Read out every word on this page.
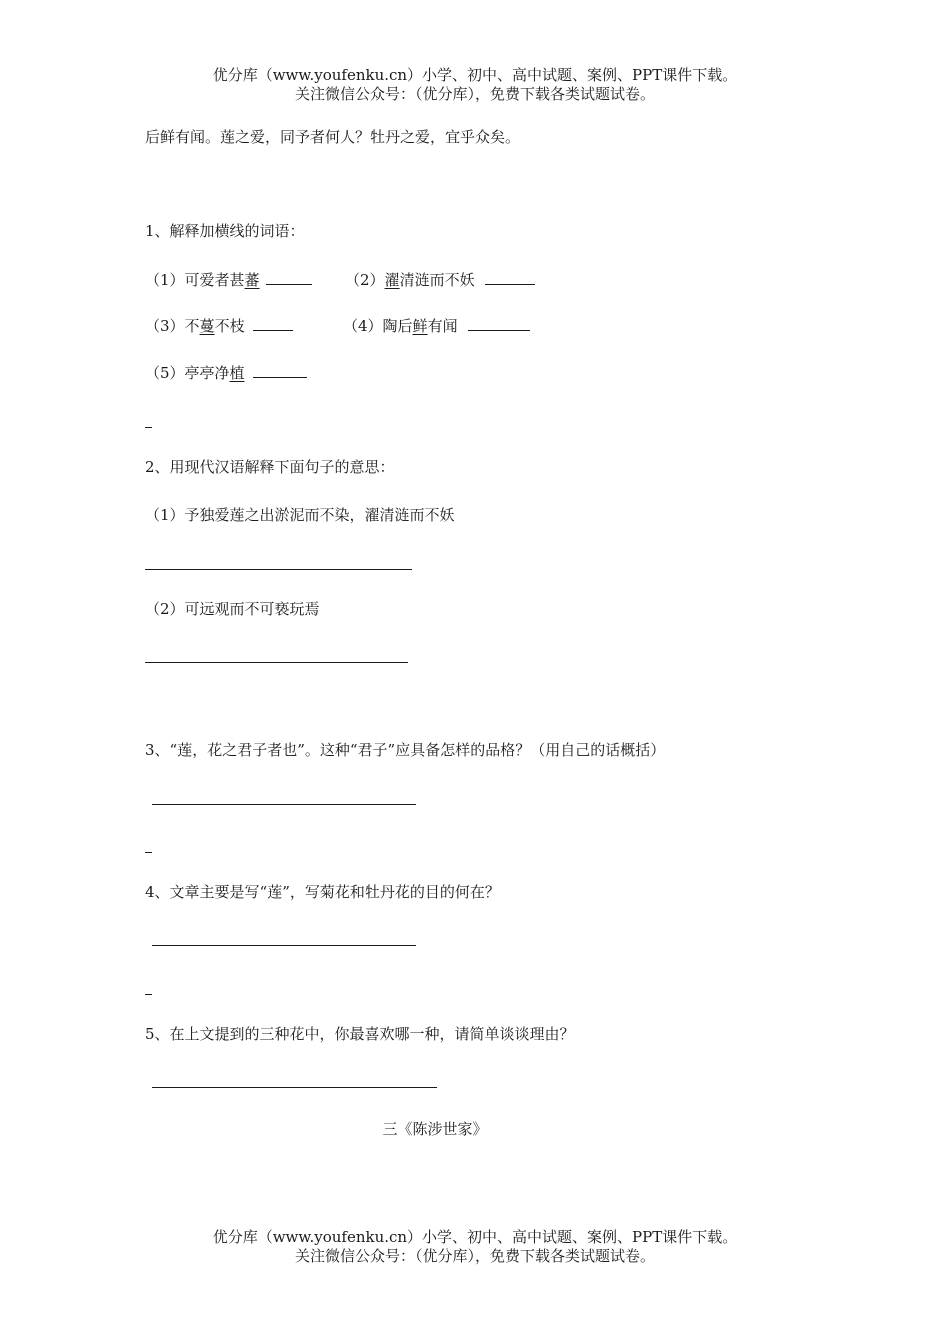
优分库（www.youfenku.cn）小学、初中、高中试题、案例、PPT课件下载。
关注微信公众号：（优分库），免费下载各类试题试卷。
后鲜有闻。莲之爱，同予者何人？牡丹之爱，宜乎众矣。
1、解释加横线的词语：
（1）可爱者甚蕃	（2）濯清涟而不妖
（3）不蔓不枝	（4）陶后鲜有闻
（5）亭亭净植
2、用现代汉语解释下面句子的意思：
（1）予独爱莲之出淤泥而不染，濯清涟而不妖
（2）可远观而不可亵玩焉
3、“莲，花之君子者也”。这种“君子”应具备怎样的品格？（用自己的话概括）
4、文章主要是写“莲”，写菊花和牡丹花的目的何在？
5、在上文提到的三种花中，你最喜欢哪一种，请简单谈谈理由？
三《陈涉世家》
优分库（www.youfenku.cn）小学、初中、高中试题、案例、PPT课件下载。
关注微信公众号：（优分库），免费下载各类试题试卷。
